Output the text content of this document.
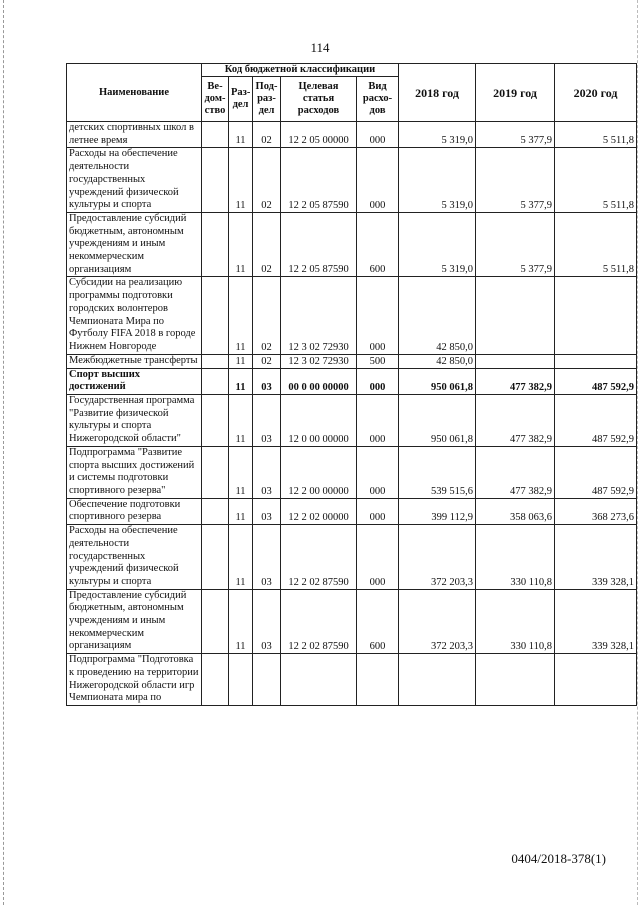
114
Наименование	Код бюджетной классификации					2018 год	2019 год	2020 год
	Ве-дом-ство	Раз-дел	Под-раз-дел	Целевая статья расходов	Вид расхо-дов			
детских спортивных школ в летнее время		11	02	12 2 05 00000	000	5 319,0	5 377,9	5 511,8
Расходы на обеспечение деятельности государственных учреждений физической культуры и спорта		11	02	12 2 05 87590	000	5 319,0	5 377,9	5 511,8
Предоставление субсидий бюджетным, автономным учреждениям и иным некоммерческим организациям		11	02	12 2 05 87590	600	5 319,0	5 377,9	5 511,8
Субсидии на реализацию программы подготовки городских волонтеров Чемпионата Мира по Футболу FIFA 2018 в городе Нижнем Новгороде		11	02	12 3 02 72930	000	42 850,0		
Межбюджетные трансферты		11	02	12 3 02 72930	500	42 850,0		
Спорт высших достижений		11	03	00 0 00 00000	000	950 061,8	477 382,9	487 592,9
Государственная программа "Развитие физической культуры и спорта Нижегородской области"		11	03	12 0 00 00000	000	950 061,8	477 382,9	487 592,9
Подпрограмма "Развитие спорта высших достижений и системы подготовки спортивного резерва"		11	03	12 2 00 00000	000	539 515,6	477 382,9	487 592,9
Обеспечение подготовки спортивного резерва		11	03	12 2 02 00000	000	399 112,9	358 063,6	368 273,6
Расходы на обеспечение деятельности государственных учреждений физической культуры и спорта		11	03	12 2 02 87590	000	372 203,3	330 110,8	339 328,1
Предоставление субсидий бюджетным, автономным учреждениям и иным некоммерческим организациям		11	03	12 2 02 87590	600	372 203,3	330 110,8	339 328,1
Подпрограмма "Подготовка к проведению на территории Нижегородской области игр Чемпионата мира по								
0404/2018-378(1)
